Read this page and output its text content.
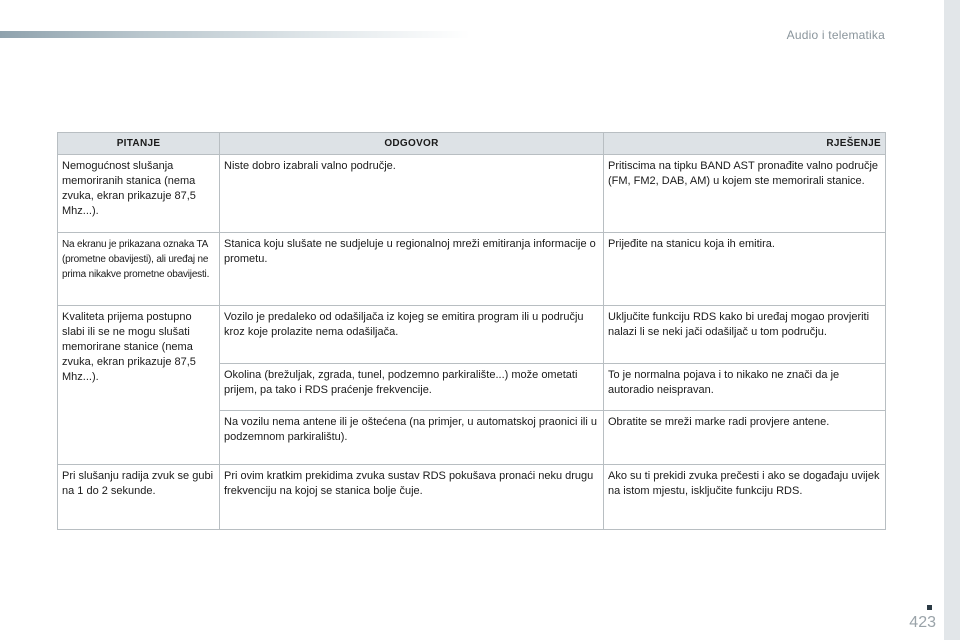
Audio i telematika
PITANJE	ODGOVOR	RJEŠENJE
Nemogućnost slušanja memoriranih stanica (nema zvuka, ekran prikazuje 87,5 Mhz...).	Niste dobro izabrali valno područje.	Pritiscima na tipku BAND AST pronađite valno područje (FM, FM2, DAB, AM) u kojem ste memorirali stanice.
Na ekranu je prikazana oznaka TA (prometne obavijesti), ali uređaj ne prima nikakve prometne obavijesti.	Stanica koju slušate ne sudjeluje u regionalnoj mreži emitiranja informacije o prometu.	Prijeđite na stanicu koja ih emitira.
Kvaliteta prijema postupno slabi ili se ne mogu slušati memorirane stanice (nema zvuka, ekran prikazuje 87,5 Mhz...).	Vozilo je predaleko od odašiljača iz kojeg se emitira program ili u području kroz koje prolazite nema odašiljača.	Uključite funkciju RDS kako bi uređaj mogao provjeriti nalazi li se neki jači odašiljač u tom području.
	Okolina (brežuljak, zgrada, tunel, podzemno parkiralište...) može ometati prijem, pa tako i RDS praćenje frekvencije.	To je normalna pojava i to nikako ne znači da je autoradio neispravan.
	Na vozilu nema antene ili je oštećena (na primjer, u automatskoj praonici ili u podzemnom parkiralištu).	Obratite se mreži marke radi provjere antene.
Pri slušanju radija zvuk se gubi na 1 do 2 sekunde.	Pri ovim kratkim prekidima zvuka sustav RDS pokušava pronaći neku drugu frekvenciju na kojoj se stanica bolje čuje.	Ako su ti prekidi zvuka prečesti i ako se događaju uvijek na istom mjestu, isključite funkciju RDS.
423
